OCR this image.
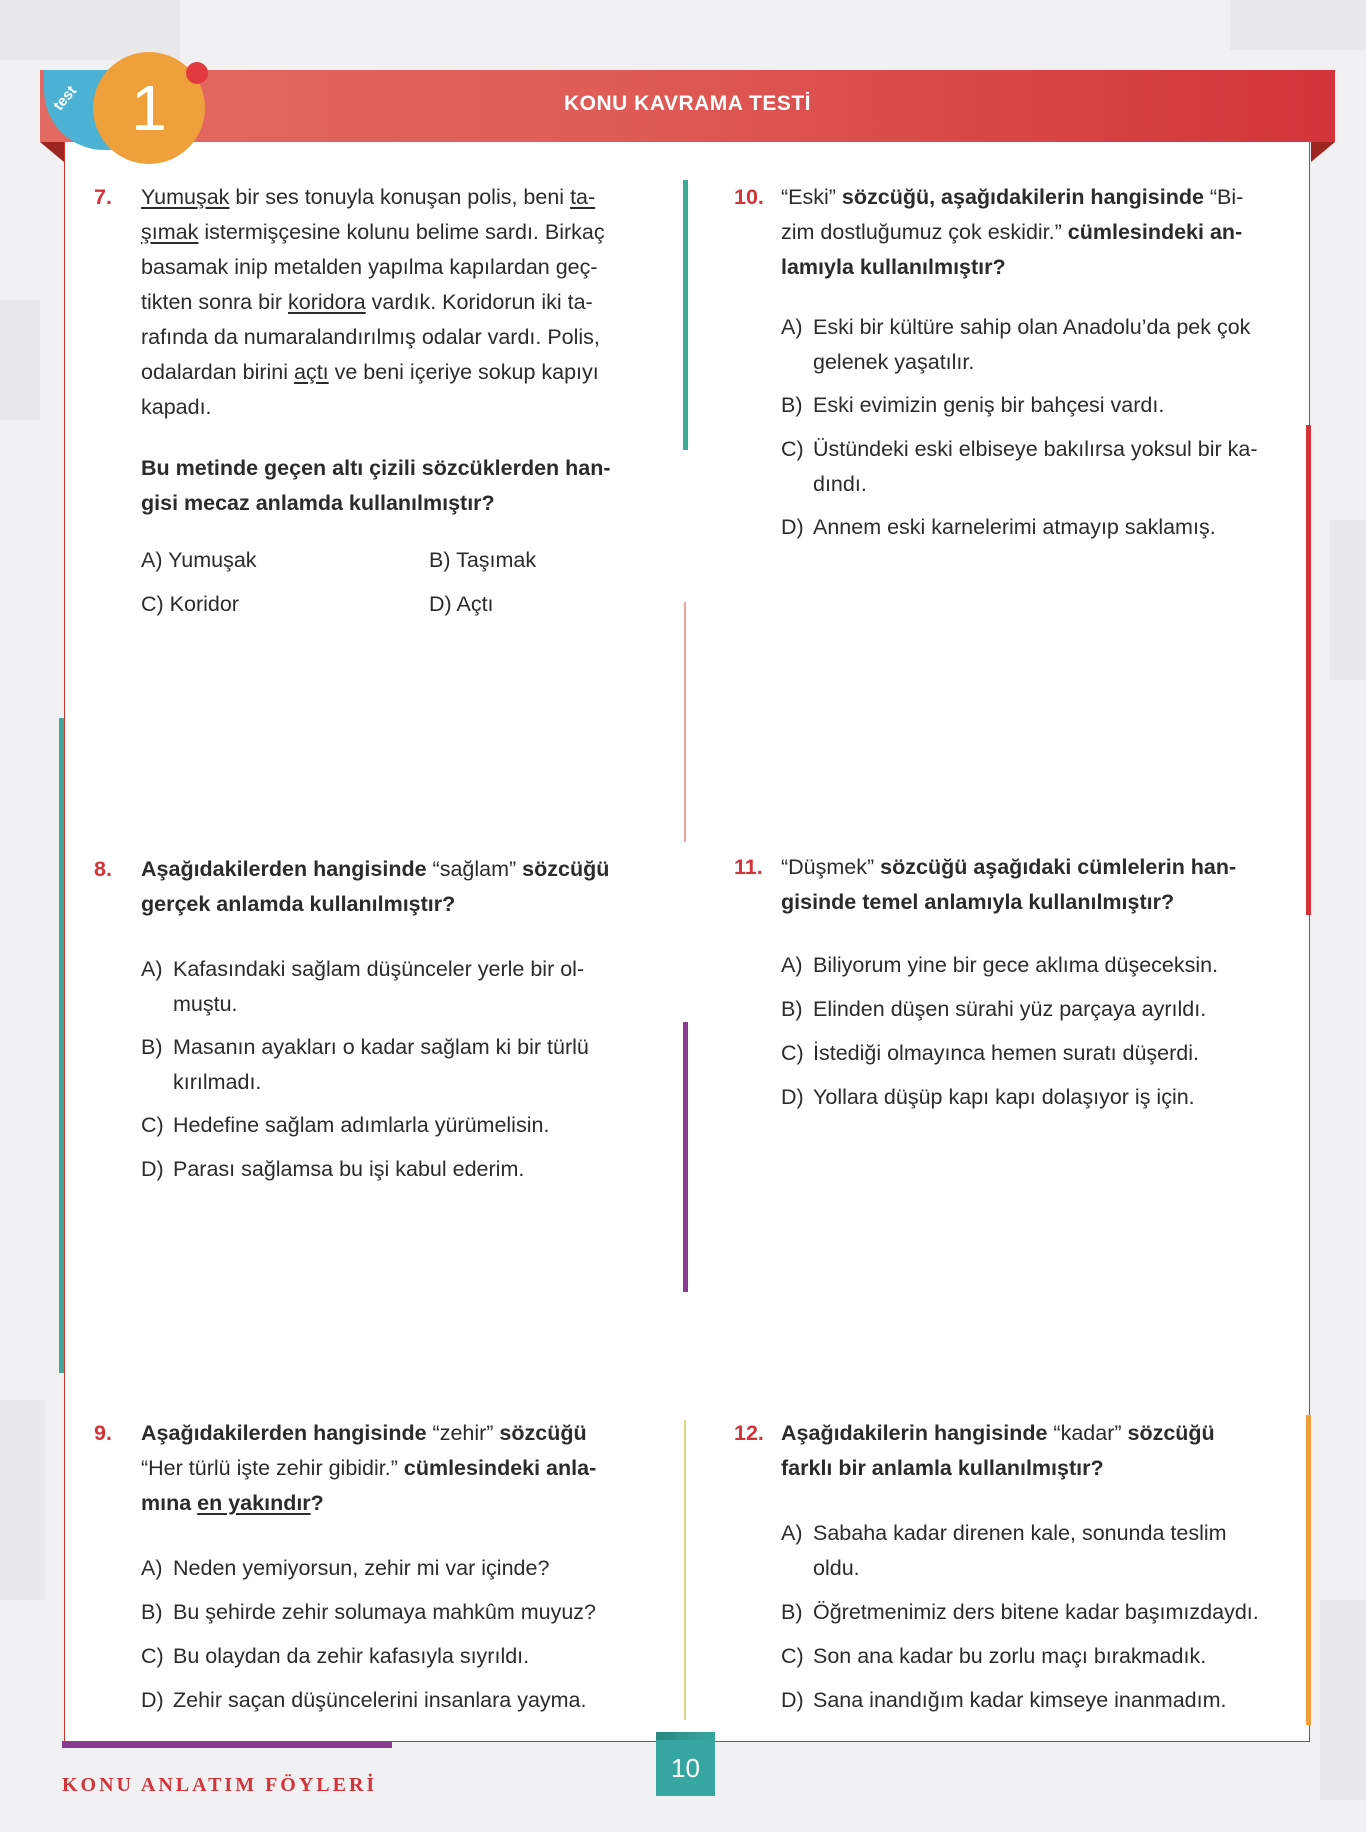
KONU KAVRAMA TESTİ
test 1
7. Yumuşak bir ses tonuyla konuşan polis, beni ta-
şımak istermişçesine kolunu belime sardı. Birkaç
basamak inip metalden yapılma kapılardan geç-
tikten sonra bir koridora vardık. Koridorun iki ta-
rafında da numaralandırılmış odalar vardı. Polis,
odalardan birini açtı ve beni içeriye sokup kapıyı
kapadı.
Bu metinde geçen altı çizili sözcüklerden han-
gisi mecaz anlamda kullanılmıştır?
A) Yumuşak	B) Taşımak
C) Koridor	D) Açtı
8. Aşağıdakilerden hangisinde “sağlam” sözcüğü
gerçek anlamda kullanılmıştır?
A) Kafasındaki sağlam düşünceler yerle bir ol-
muştu.
B) Masanın ayakları o kadar sağlam ki bir türlü
kırılmadı.
C) Hedefine sağlam adımlarla yürümelisin.
D) Parası sağlamsa bu işi kabul ederim.
9. Aşağıdakilerden hangisinde “zehir” sözcüğü
“Her türlü işte zehir gibidir.” cümlesindeki anla-
mına en yakındır?
A) Neden yemiyorsun, zehir mi var içinde?
B) Bu şehirde zehir solumaya mahkûm muyuz?
C) Bu olaydan da zehir kafasıyla sıyrıldı.
D) Zehir saçan düşüncelerini insanlara yayma.
10. “Eski” sözcüğü, aşağıdakilerin hangisinde “Bi-
zim dostluğumuz çok eskidir.” cümlesindeki an-
lamıyla kullanılmıştır?
A) Eski bir kültüre sahip olan Anadolu’da pek çok
gelenek yaşatılır.
B) Eski evimizin geniş bir bahçesi vardı.
C) Üstündeki eski elbiseye bakılırsa yoksul bir ka-
dındı.
D) Annem eski karnelerimi atmayıp saklamış.
11. “Düşmek” sözcüğü aşağıdaki cümlelerin han-
gisinde temel anlamıyla kullanılmıştır?
A) Biliyorum yine bir gece aklıma düşeceksin.
B) Elinden düşen sürahi yüz parçaya ayrıldı.
C) İstediği olmayınca hemen suratı düşerdi.
D) Yollara düşüp kapı kapı dolaşıyor iş için.
12. Aşağıdakilerin hangisinde “kadar” sözcüğü
farklı bir anlamla kullanılmıştır?
A) Sabaha kadar direnen kale, sonunda teslim
oldu.
B) Öğretmenimiz ders bitene kadar başımızdaydı.
C) Son ana kadar bu zorlu maçı bırakmadık.
D) Sana inandığım kadar kimseye inanmadım.
KONU ANLATIM FÖYLERİ
10
